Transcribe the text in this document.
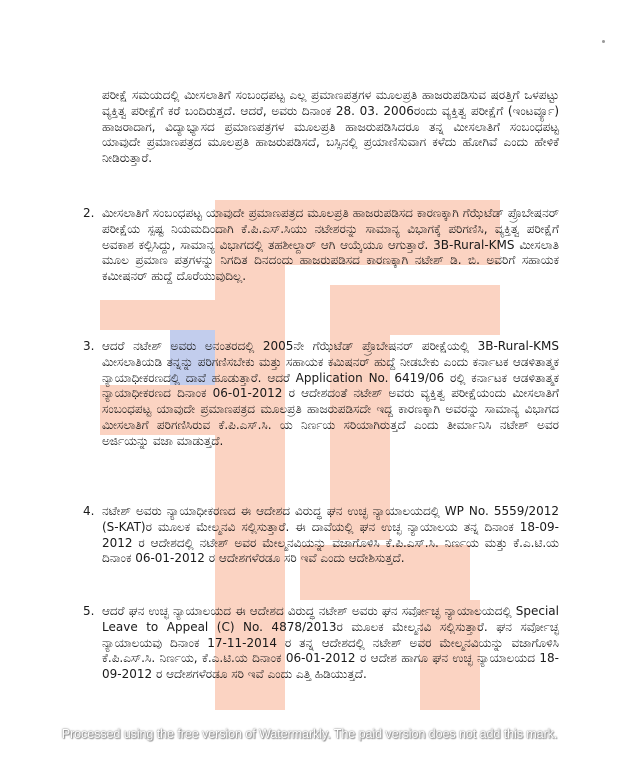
ಪರೀಕ್ಷೆ ಸಮಯದಲ್ಲಿ ಮೀಸಲಾತಿಗೆ ಸಂಬಂಧಪಟ್ಟ ಎಲ್ಲ ಪ್ರಮಾಣಪತ್ರಗಳ ಮೂಲಪ್ರತಿ ಹಾಜರುಪಡಿಸುವ ಷರತ್ತಿಗೆ ಒಳಪಟ್ಟು ವ್ಯಕ್ತಿತ್ವ ಪರೀಕ್ಷೆಗೆ ಕರೆ ಬಂದಿರುತ್ತದೆ. ಆದರೆ, ಅವರು ದಿನಾಂಕ 28. 03. 2006ರಂದು ವ್ಯಕ್ತಿತ್ವ ಪರೀಕ್ಷೆಗೆ (ಇಂಟರ್ವ್ಯೂ) ಹಾಜರಾದಾಗ, ವಿದ್ಯಾಭ್ಯಾಸದ ಪ್ರಮಾಣಪತ್ರಗಳ ಮೂಲಪ್ರತಿ ಹಾಜರುಪಡಿಸಿದರೂ ತನ್ನ ಮೀಸಲಾತಿಗೆ ಸಂಬಂಧಪಟ್ಟ ಯಾವುದೇ ಪ್ರಮಾಣಪತ್ರದ ಮೂಲಪ್ರತಿ ಹಾಜರುಪಡಿಸದೆ, ಬಸ್ಸಿನಲ್ಲಿ ಪ್ರಯಾಣಿಸುವಾಗ ಕಳೆದು ಹೋಗಿವೆ ಎಂದು ಹೇಳಿಕೆ ನೀಡಿರುತ್ತಾರೆ.
2. ಮೀಸಲಾತಿಗೆ ಸಂಬಂಧಪಟ್ಟ ಯಾವುದೇ ಪ್ರಮಾಣಪತ್ರದ ಮೂಲಪ್ರತಿ ಹಾಜರುಪಡಿಸದ ಕಾರಣಕ್ಕಾಗಿ ಗೆಝೆಟೆಡ್ ಪ್ರೊಬೇಷನರ್ ಪರೀಕ್ಷೆಯ ಸ್ಪಷ್ಟ ನಿಯಮದಿಂದಾಗಿ ಕೆ.ಪಿ.ಎಸ್.ಸಿಯು ನಟೇಶರನ್ನು ಸಾಮಾನ್ಯ ವಿಭಾಗಕ್ಕೆ ಪರಿಗಣಿಸಿ, ವ್ಯಕ್ತಿತ್ವ ಪರೀಕ್ಷೆಗೆ ಅವಕಾಶ ಕಲ್ಪಿಸಿದ್ದು, ಸಾಮಾನ್ಯ ವಿಭಾಗದಲ್ಲಿ ತಹಶೀಲ್ದಾರ್ ಆಗಿ ಆಯ್ಕೆಯೂ ಆಗುತ್ತಾರೆ. 3B-Rural-KMS ಮೀಸಲಾತಿ ಮೂಲ ಪ್ರಮಾಣ ಪತ್ರಗಳನ್ನು ನಿಗದಿತ ದಿನದಂದು ಹಾಜರುಪಡಿಸದ ಕಾರಣಕ್ಕಾಗಿ ನಟೇಶ್ ಡಿ. ಬಿ. ಅವರಿಗೆ ಸಹಾಯಕ ಕಮೀಷನರ್ ಹುದ್ದೆ ದೊರೆಯುವುದಿಲ್ಲ.
3. ಆದರೆ ನಟೇಶ್ ಅವರು ಅನಂತರದಲ್ಲಿ 2005ನೇ ಗೆಝೆಟೆಡ್ ಪ್ರೊಬೇಷನರ್ ಪರೀಕ್ಷೆಯಲ್ಲಿ 3B-Rural-KMS ಮೀಸಲಾತಿಯಡಿ ತನ್ನನ್ನು ಪರಿಗಣಿಸಬೇಕು ಮತ್ತು ಸಹಾಯಕ ಕಮಿಷನರ್ ಹುದ್ದೆ ನೀಡಬೇಕು ಎಂದು ಕರ್ನಾಟಕ ಆಡಳಿತಾತ್ಮಕ ನ್ಯಾಯಾಧೀಕರಣದಲ್ಲಿ ದಾವೆ ಹೂಡುತ್ತಾರೆ. ಆದರೆ Application No. 6419/06 ರಲ್ಲಿ ಕರ್ನಾಟಕ ಆಡಳಿತಾತ್ಮಕ ನ್ಯಾಯಾಧೀಕರಣದ ದಿನಾಂಕ 06-01-2012 ರ ಆದೇಶದಂತೆ ನಟೇಶ್ ಅವರು ವ್ಯಕ್ತಿತ್ವ ಪರೀಕ್ಷೆಯಂದು ಮೀಸಲಾತಿಗೆ ಸಂಬಂಧಪಟ್ಟ ಯಾವುದೇ ಪ್ರಮಾಣಪತ್ರದ ಮೂಲಪ್ರತಿ ಹಾಜರುಪಡಿಸದೇ ಇದ್ದ ಕಾರಣಕ್ಕಾಗಿ ಅವರನ್ನು ಸಾಮಾನ್ಯ ವಿಭಾಗದ ಮೀಸಲಾತಿಗೆ ಪರಿಗಣಿಸಿರುವ ಕೆ.ಪಿ.ಎಸ್.ಸಿ. ಯ ನಿರ್ಣಯ ಸರಿಯಾಗಿರುತ್ತದೆ ಎಂದು ತೀರ್ಮಾನಿಸಿ ನಟೇಶ್ ಅವರ ಅರ್ಜಿಯನ್ನು ವಜಾ ಮಾಡುತ್ತದೆ.
4. ನಟೇಶ್ ಅವರು ನ್ಯಾಯಾಧೀಕರಣದ ಈ ಆದೇಶದ ವಿರುದ್ಧ ಘನ ಉಚ್ಛ ನ್ಯಾಯಾಲಯದಲ್ಲಿ WP No. 5559/2012 (S-KAT)ರ ಮೂಲಕ ಮೇಲ್ಮನವಿ ಸಲ್ಲಿಸುತ್ತಾರೆ. ಈ ದಾವೆಯಲ್ಲಿ ಘನ ಉಚ್ಛ ನ್ಯಾಯಾಲಯ ತನ್ನ ದಿನಾಂಕ 18-09-2012 ರ ಆದೇಶದಲ್ಲಿ ನಟೇಶ್ ಅವರ ಮೇಲ್ಮನವಿಯನ್ನು ವಜಾಗೊಳಿಸಿ ಕೆ.ಪಿ.ಎಸ್.ಸಿ. ನಿರ್ಣಯ ಮತ್ತು ಕೆ.ಎ.ಟಿ.ಯ ದಿನಾಂಕ 06-01-2012 ರ ಆದೇಶಗಳೆರಡೂ ಸರಿ ಇವೆ ಎಂದು ಆದೇಶಿಸುತ್ತದೆ.
5. ಆದರೆ ಘನ ಉಚ್ಛ ನ್ಯಾಯಾಲಯದ ಈ ಆದೇಶದ ವಿರುದ್ಧ ನಟೇಶ್ ಅವರು ಘನ ಸರ್ವೋಚ್ಛ ನ್ಯಾಯಾಲಯದಲ್ಲಿ Special Leave to Appeal (C) No. 4878/2013ರ ಮೂಲಕ ಮೇಲ್ಮನವಿ ಸಲ್ಲಿಸುತ್ತಾರೆ. ಘನ ಸರ್ವೋಚ್ಛ ನ್ಯಾಯಾಲಯವು ದಿನಾಂಕ 17-11-2014 ರ ತನ್ನ ಆದೇಶದಲ್ಲಿ ನಟೇಶ್ ಅವರ ಮೇಲ್ಮನವಿಯನ್ನು ವಜಾಗೊಳಿಸಿ ಕೆ.ಪಿ.ಎಸ್.ಸಿ. ನಿರ್ಣಯ, ಕೆ.ಎ.ಟಿ.ಯ ದಿನಾಂಕ 06-01-2012 ರ ಆದೇಶ ಹಾಗೂ ಘನ ಉಚ್ಛ ನ್ಯಾಯಾಲಯದ 18-09-2012 ರ ಆದೇಶಗಳೆರಡೂ ಸರಿ ಇವೆ ಎಂದು ಎತ್ತಿ ಹಿಡಿಯುತ್ತದೆ.
Processed using the free version of Watermarkly. The paid version does not add this mark.
